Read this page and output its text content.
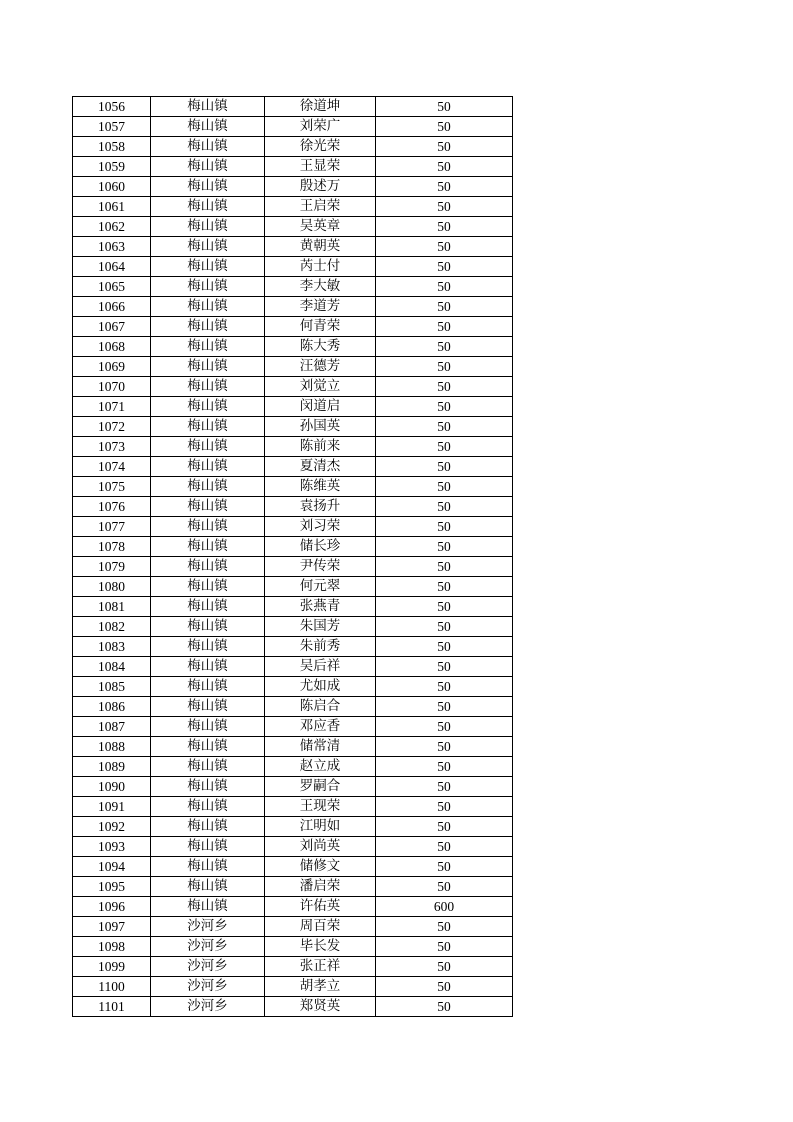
1056	梅山镇	徐道坤	50
1057	梅山镇	刘荣广	50
1058	梅山镇	徐光荣	50
1059	梅山镇	王显荣	50
1060	梅山镇	殷述万	50
1061	梅山镇	王启荣	50
1062	梅山镇	吴英章	50
1063	梅山镇	黄朝英	50
1064	梅山镇	芮士付	50
1065	梅山镇	李大敏	50
1066	梅山镇	李道芳	50
1067	梅山镇	何青荣	50
1068	梅山镇	陈大秀	50
1069	梅山镇	汪德芳	50
1070	梅山镇	刘觉立	50
1071	梅山镇	闵道启	50
1072	梅山镇	孙国英	50
1073	梅山镇	陈前来	50
1074	梅山镇	夏清杰	50
1075	梅山镇	陈维英	50
1076	梅山镇	袁扬升	50
1077	梅山镇	刘习荣	50
1078	梅山镇	储长珍	50
1079	梅山镇	尹传荣	50
1080	梅山镇	何元翠	50
1081	梅山镇	张燕青	50
1082	梅山镇	朱国芳	50
1083	梅山镇	朱前秀	50
1084	梅山镇	吴后祥	50
1085	梅山镇	尤如成	50
1086	梅山镇	陈启合	50
1087	梅山镇	邓应香	50
1088	梅山镇	储常清	50
1089	梅山镇	赵立成	50
1090	梅山镇	罗嗣合	50
1091	梅山镇	王现荣	50
1092	梅山镇	江明如	50
1093	梅山镇	刘尚英	50
1094	梅山镇	储修文	50
1095	梅山镇	潘启荣	50
1096	梅山镇	许佑英	600
1097	沙河乡	周百荣	50
1098	沙河乡	毕长发	50
1099	沙河乡	张正祥	50
1100	沙河乡	胡孝立	50
1101	沙河乡	郑贤英	50
